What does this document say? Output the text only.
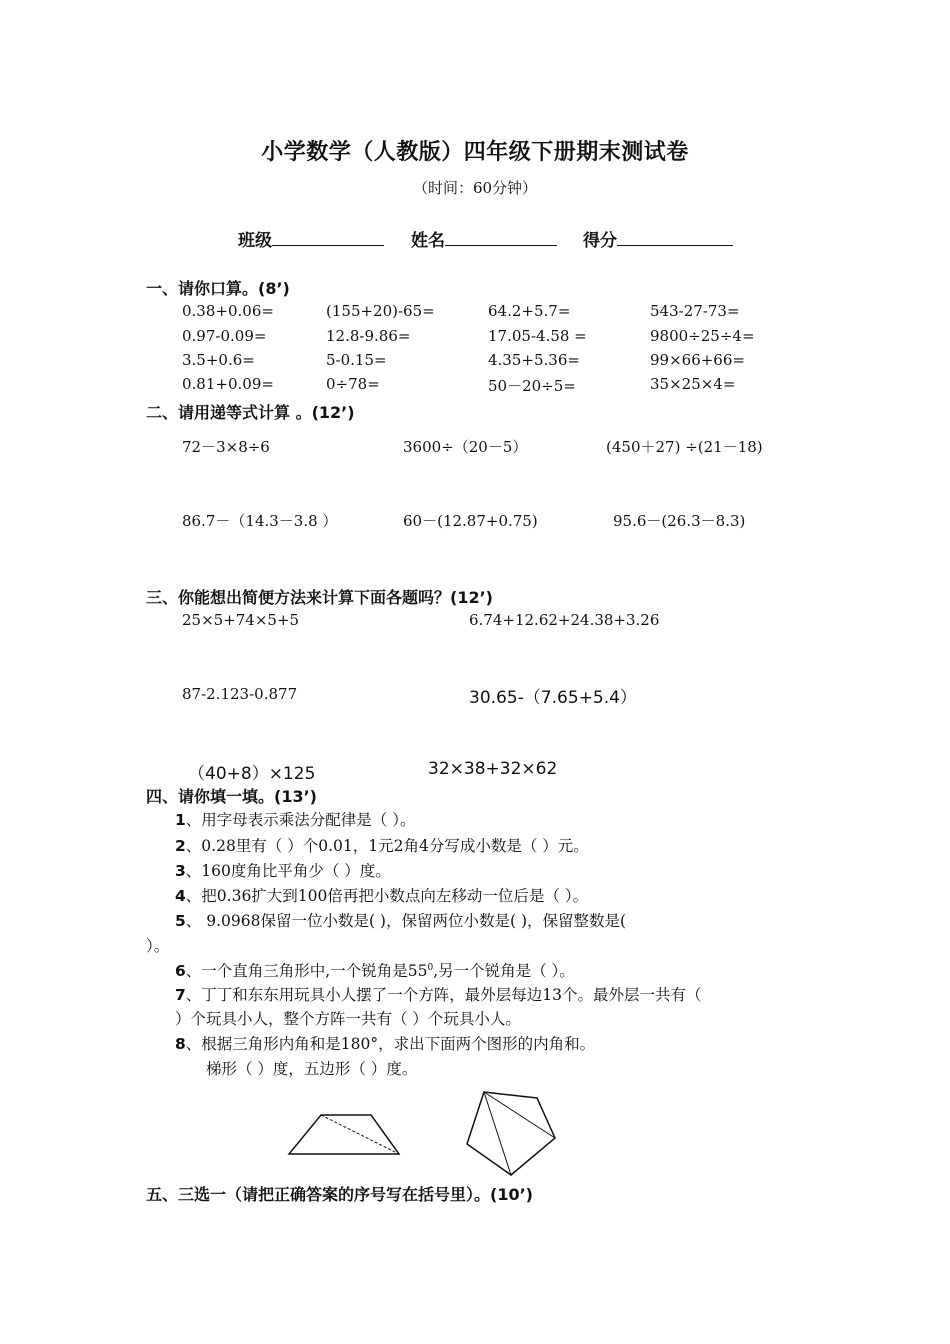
小学数学（人教版）四年级下册期末测试卷
（时间：60分钟）
班级	姓名	得分
一、请你口算。(8’)
0.38+0.06=	(155+20)-65=	64.2+5.7=	543-27-73=
0.97-0.09=	12.8-9.86=	17.05-4.58 =	9800÷25÷4=
3.5+0.6=	5-0.15=	4.35+5.36=	99×66+66=
0.81+0.09=	0÷78=	50－20÷5=	35×25×4=
二、请用递等式计算 。(12’)
72－3×8÷6	3600÷（20－5）	(450＋27) ÷(21－18)
86.7－（14.3－3.8 ）	60－(12.87+0.75)	95.6－(26.3－8.3)
三、你能想出简便方法来计算下面各题吗？(12’)
25×5+74×5+5	6.74+12.62+24.38+3.26
87-2.123-0.877	30.65-（7.65+5.4）
（40+8）×125	32×38+32×62
四、请你填一填。(13’)
1、用字母表示乘法分配律是（ ）。
2、0.28里有（ ）个0.01，1元2角4分写成小数是（ ）元。
3、160度角比平角少（ ）度。
4、把0.36扩大到100倍再把小数点向左移动一位后是（ ）。
5、 9.0968保留一位小数是( )，保留两位小数是( )，保留整数是(
）。
6、一个直角三角形中,一个锐角是$55^0$,另一个锐角是（ ）。
7、丁丁和东东用玩具小人摆了一个方阵，最外层每边13个。最外层一共有（
）个玩具小人，整个方阵一共有（ ）个玩具小人。
8、根据三角形内角和是180°，求出下面两个图形的内角和。
梯形（ ）度，五边形（ ）度。
五、三选一（请把正确答案的序号写在括号里）。(10’)
